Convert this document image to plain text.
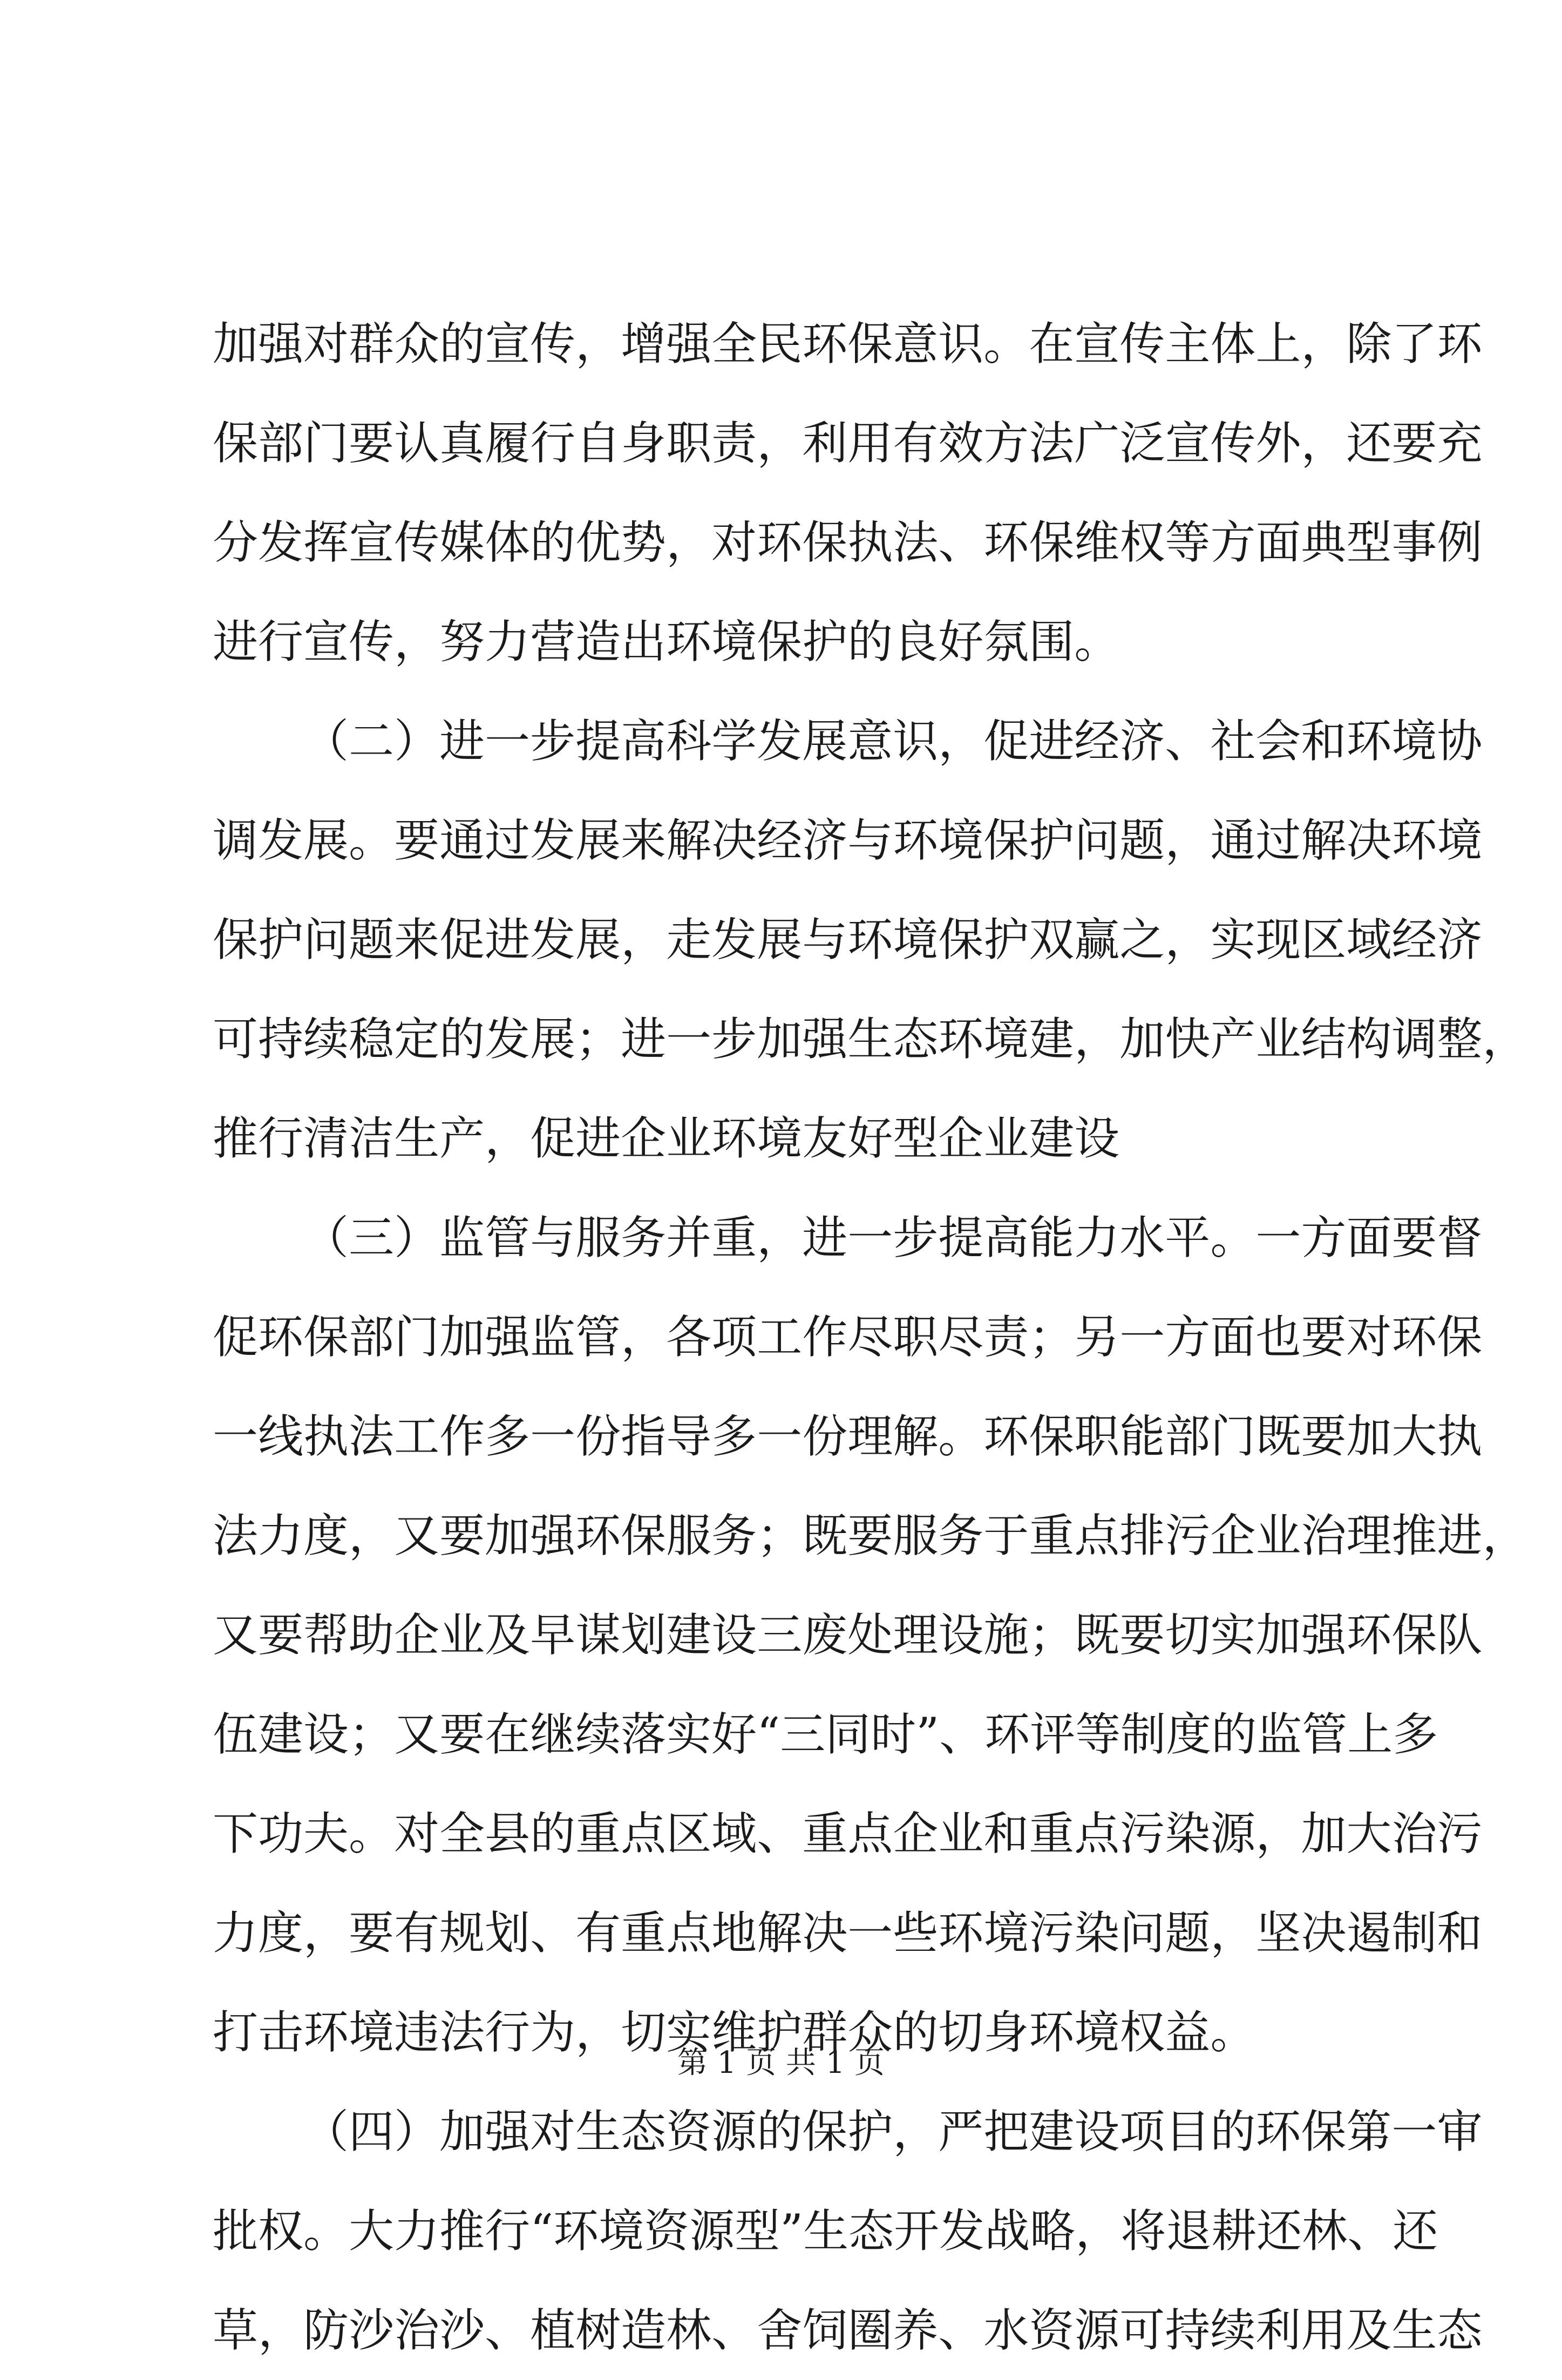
加 强 对 群 众 的 宣 传 ， 增 强 全 民 环 保 意 识 。 在 宣 传 主 体 上 ， 除 了 环
保 部 门 要 认 真 履 行 自 身 职 责 ， 利 用 有 效 方 法 广 泛 宣 传 外 ， 还 要 充
分 发 挥 宣 传 媒 体 的 优 势 ， 对 环 保 执 法 、 环 保 维 权 等 方 面 典 型 事 例
进 行 宣 传 ， 努 力 营 造 出 环 境 保 护 的 良 好 氛 围 。
（ 二 ） 进 一 步 提 高 科 学 发 展 意 识 ， 促 进 经 济 、 社 会 和 环 境 协
调 发 展 。 要 通 过 发 展 来 解 决 经 济 与 环 境 保 护 问 题 ， 通 过 解 决 环 境
保 护 问 题 来 促 进 发 展 ， 走 发 展 与 环 境 保 护 双 赢 之 ， 实 现 区 域 经 济
可 持 续 稳 定 的 发 展 ； 进 一 步 加 强 生 态 环 境 建 ， 加 快 产 业 结 构 调 整 ，
推 行 清 洁 生 产 ， 促 进 企 业 环 境 友 好 型 企 业 建 设
（ 三 ） 监 管 与 服 务 并 重 ， 进 一 步 提 高 能 力 水 平 。 一 方 面 要 督
促 环 保 部 门 加 强 监 管 ， 各 项 工 作 尽 职 尽 责 ； 另 一 方 面 也 要 对 环 保
一 线 执 法 工 作 多 一 份 指 导 多 一 份 理 解 。 环 保 职 能 部 门 既 要 加 大 执
法 力 度 ， 又 要 加 强 环 保 服 务 ； 既 要 服 务 于 重 点 排 污 企 业 治 理 推 进 ，
又 要 帮 助 企 业 及 早 谋 划 建 设 三 废 处 理 设 施 ； 既 要 切 实 加 强 环 保 队
伍 建 设 ； 又 要 在 继 续 落 实 好 “ 三 同 时 ” 、 环 评 等 制 度 的 监 管 上 多
下 功 夫 。 对 全 县 的 重 点 区 域 、 重 点 企 业 和 重 点 污 染 源 ， 加 大 治 污
力 度 ， 要 有 规 划 、 有 重 点 地 解 决 一 些 环 境 污 染 问 题 ， 坚 决 遏 制 和
打 击 环 境 违 法 行 为 ， 切 实 维 护 群 众 的 切 身 环 境 权 益 。
（ 四 ） 加 强 对 生 态 资 源 的 保 护 ， 严 把 建 设 项 目 的 环 保 第 一 审
批 权 。 大 力 推 行 “ 环 境 资 源 型 ” 生 态 开 发 战 略 ， 将 退 耕 还 林 、 还
草 ， 防 沙 治 沙 、 植 树 造 林 、 舍 饲 圈 养 、 水 资 源 可 持 续 利 用 及 生 态
第 1 页 共 1 页
